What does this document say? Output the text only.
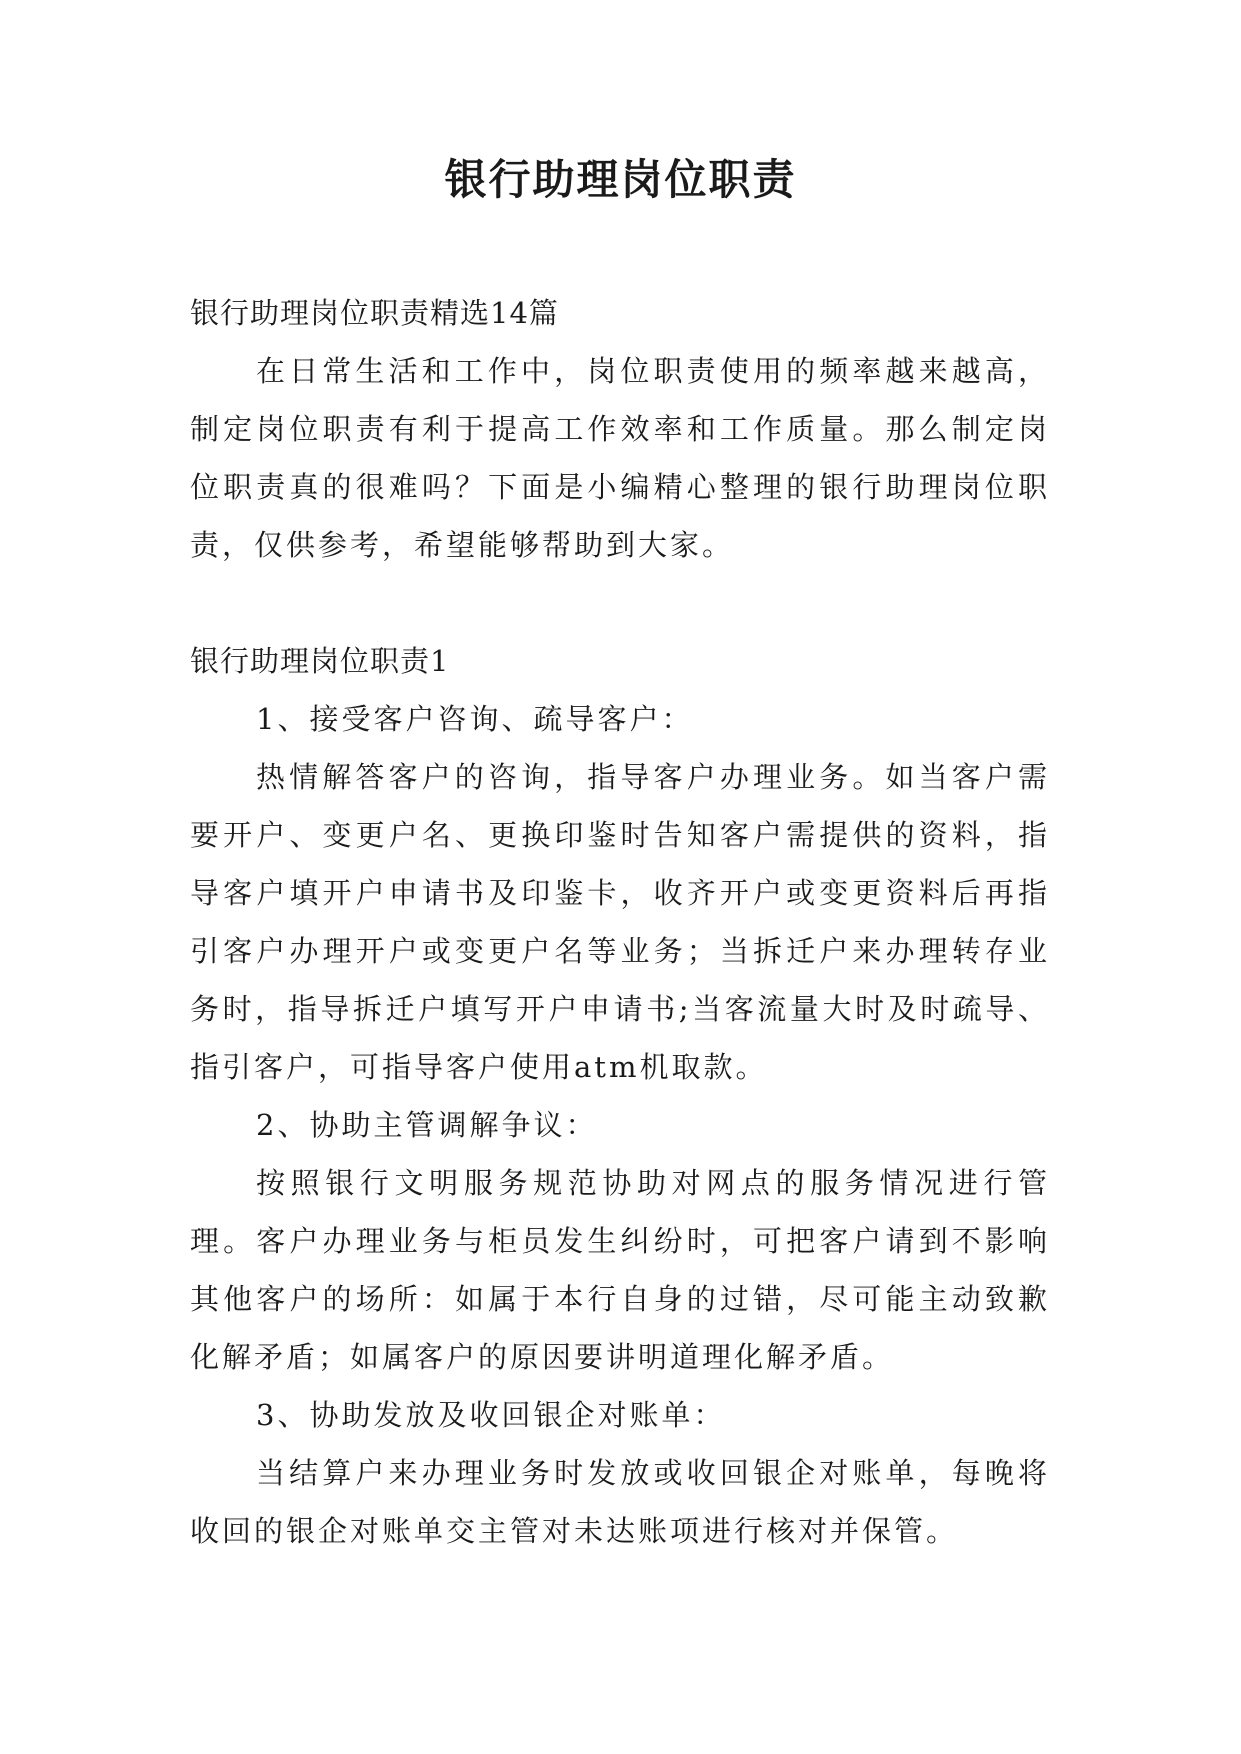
银行助理岗位职责

银行助理岗位职责精选14篇

在日常生活和工作中，岗位职责使用的频率越来越高，制定岗位职责有利于提高工作效率和工作质量。那么制定岗位职责真的很难吗？下面是小编精心整理的银行助理岗位职责，仅供参考，希望能够帮助到大家。

银行助理岗位职责1

1、接受客户咨询、疏导客户：

热情解答客户的咨询，指导客户办理业务。如当客户需要开户、变更户名、更换印鉴时告知客户需提供的资料，指导客户填开户申请书及印鉴卡，收齐开户或变更资料后再指引客户办理开户或变更户名等业务；当拆迁户来办理转存业务时，指导拆迁户填写开户申请书;当客流量大时及时疏导、指引客户，可指导客户使用atm机取款。

2、协助主管调解争议：

按照银行文明服务规范协助对网点的服务情况进行管理。客户办理业务与柜员发生纠纷时，可把客户请到不影响其他客户的场所：如属于本行自身的过错，尽可能主动致歉化解矛盾；如属客户的原因要讲明道理化解矛盾。

3、协助发放及收回银企对账单：

当结算户来办理业务时发放或收回银企对账单，每晚将收回的银企对账单交主管对未达账项进行核对并保管。
